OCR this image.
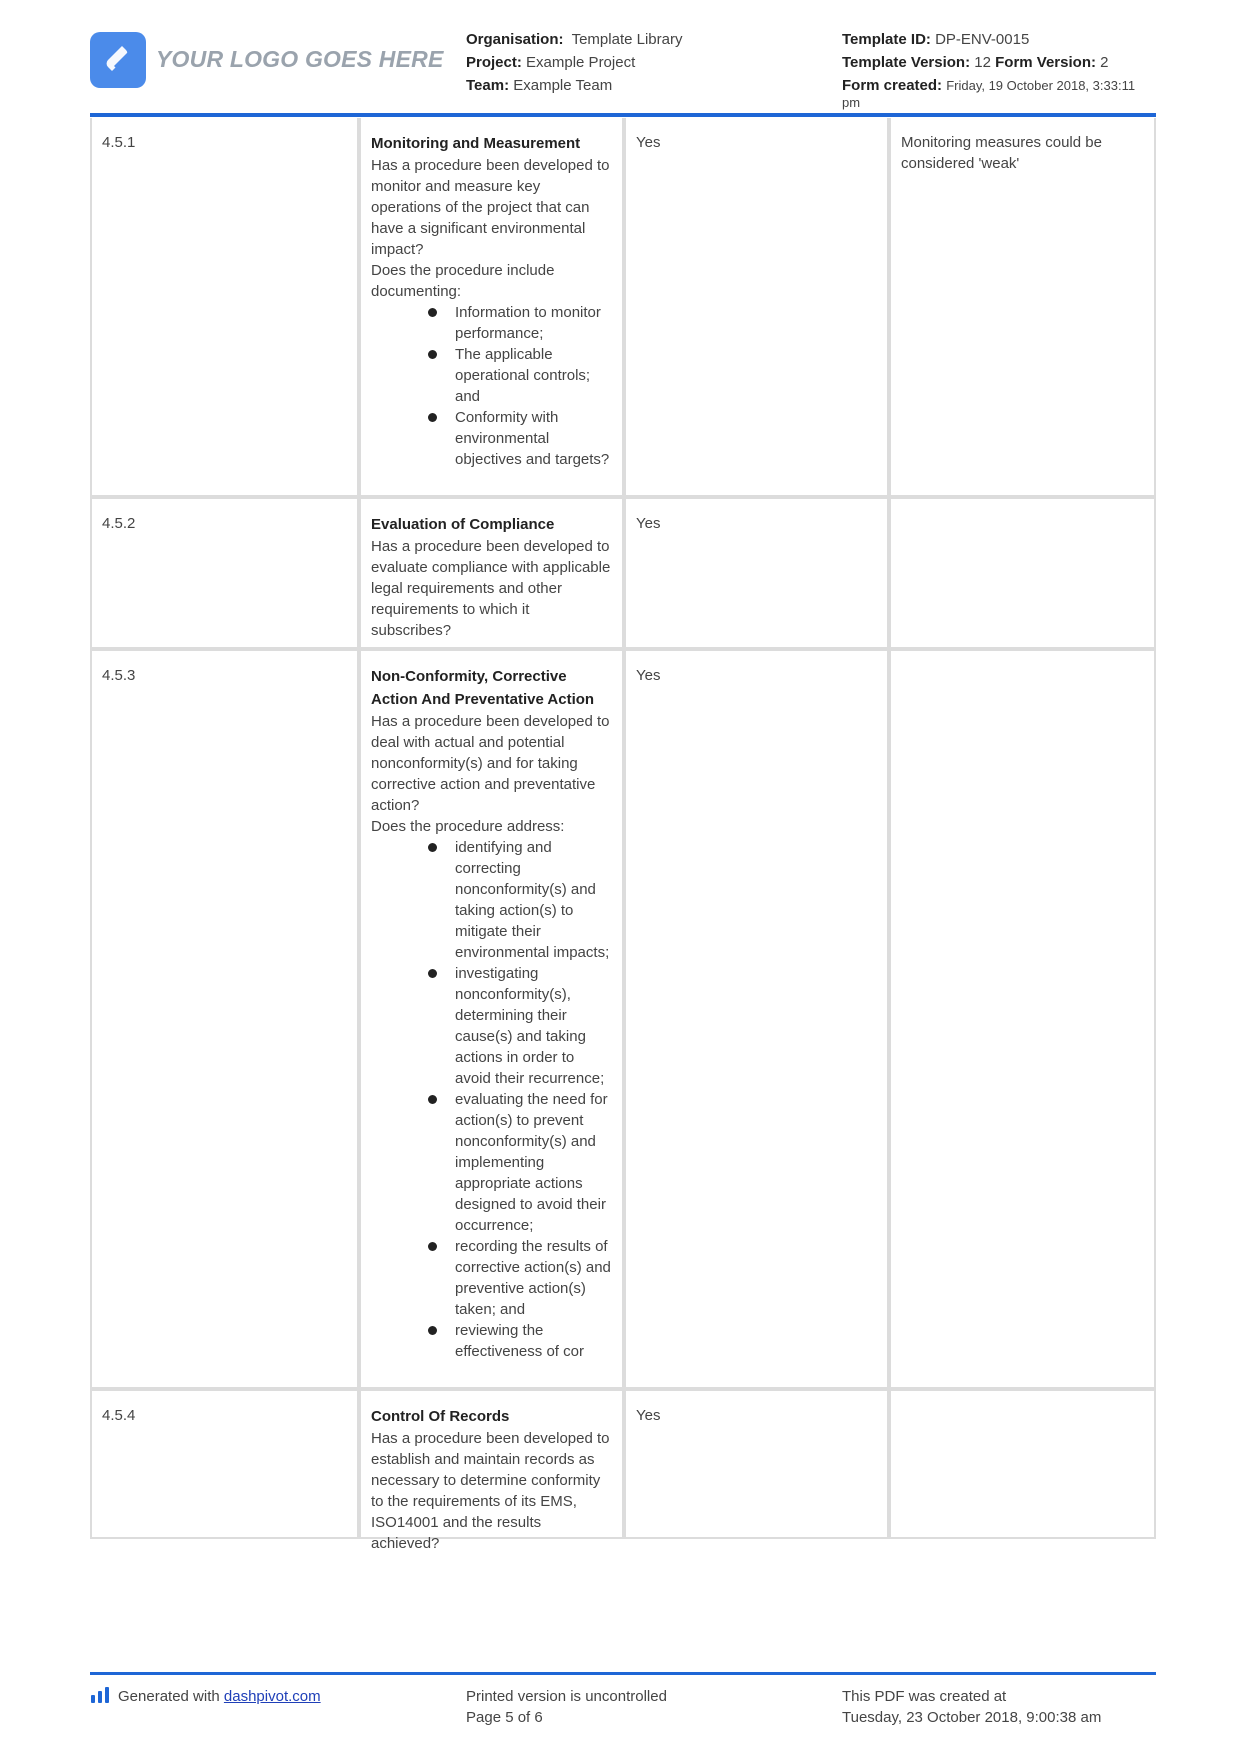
YOUR LOGO GOES HERE
Organisation: Template Library
Project: Example Project
Team: Example Team
Template ID: DP-ENV-0015
Template Version: 12 Form Version: 2
Form created: Friday, 19 October 2018, 3:33:11 pm
4.5.1	Monitoring and Measurement
Has a procedure been developed to monitor and measure key operations of the project that can have a significant environmental impact?
Does the procedure include documenting:
Information to monitor performance;
The applicable operational controls; and
Conformity with environmental objectives and targets?
Yes	Monitoring measures could be considered 'weak'
4.5.2	Evaluation of Compliance
Has a procedure been developed to evaluate compliance with applicable legal requirements and other requirements to which it subscribes?
Yes
4.5.3	Non-Conformity, Corrective Action And Preventative Action
Has a procedure been developed to deal with actual and potential nonconformity(s) and for taking corrective action and preventative action?
Does the procedure address:
identifying and correcting nonconformity(s) and taking action(s) to mitigate their environmental impacts;
investigating nonconformity(s), determining their cause(s) and taking actions in order to avoid their recurrence;
evaluating the need for action(s) to prevent nonconformity(s) and implementing appropriate actions designed to avoid their occurrence;
recording the results of corrective action(s) and preventive action(s) taken; and
reviewing the effectiveness of cor
Yes
4.5.4	Control Of Records
Has a procedure been developed to establish and maintain records as necessary to determine conformity to the requirements of its EMS, ISO14001 and the results achieved?
Yes
Generated with dashpivot.com	Printed version is uncontrolled
Page 5 of 6
This PDF was created at
Tuesday, 23 October 2018, 9:00:38 am
